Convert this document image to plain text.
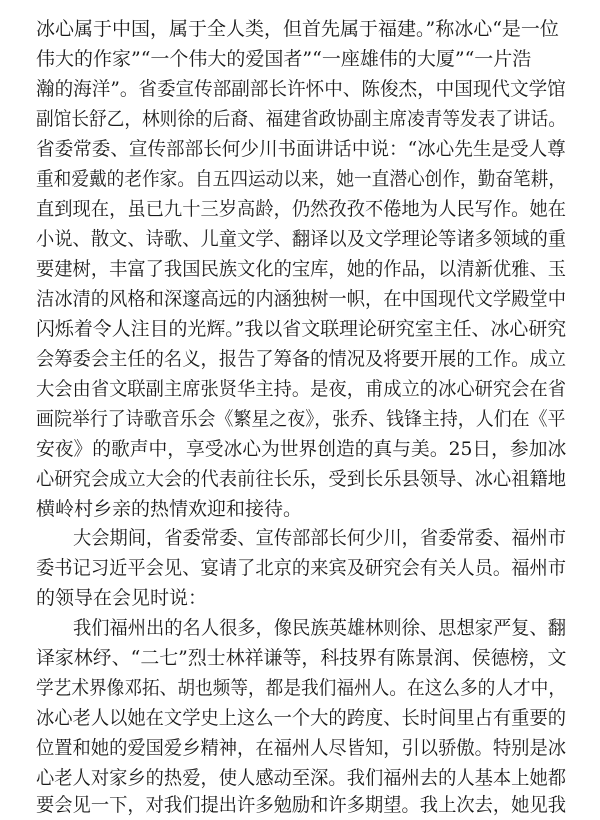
冰心属于中国，属于全人类，但首先属于福建。”称冰心“是一位
伟大的作家”“一个伟大的爱国者”“一座雄伟的大厦”“一片浩
瀚的海洋”。省委宣传部副部长许怀中、陈俊杰，中国现代文学馆
副馆长舒乙，林则徐的后裔、福建省政协副主席凌青等发表了讲话。
省委常委、宣传部部长何少川书面讲话中说：“冰心先生是受人尊
重和爱戴的老作家。自五四运动以来，她一直潜心创作，勤奋笔耕，
直到现在，虽已九十三岁高龄，仍然孜孜不倦地为人民写作。她在
小说、散文、诗歌、儿童文学、翻译以及文学理论等诸多领域的重
要建树，丰富了我国民族文化的宝库，她的作品，以清新优雅、玉
洁冰清的风格和深邃高远的内涵独树一帜，在中国现代文学殿堂中
闪烁着令人注目的光辉。”我以省文联理论研究室主任、冰心研究
会筹委会主任的名义，报告了筹备的情况及将要开展的工作。成立
大会由省文联副主席张贤华主持。是夜，甫成立的冰心研究会在省
画院举行了诗歌音乐会《繁星之夜》，张乔、钱锋主持，人们在《平
安夜》的歌声中，享受冰心为世界创造的真与美。25日，参加冰
心研究会成立大会的代表前往长乐，受到长乐县领导、冰心祖籍地
横岭村乡亲的热情欢迎和接待。
大会期间，省委常委、宣传部部长何少川，省委常委、福州市
委书记习近平会见、宴请了北京的来宾及研究会有关人员。福州市
的领导在会见时说：
我们福州出的名人很多，像民族英雄林则徐、思想家严复、翻
译家林纾、“二七”烈士林祥谦等，科技界有陈景润、侯德榜，文
学艺术界像邓拓、胡也频等，都是我们福州人。在这么多的人才中，
冰心老人以她在文学史上这么一个大的跨度、长时间里占有重要的
位置和她的爱国爱乡精神，在福州人尽皆知，引以骄傲。特别是冰
心老人对家乡的热爱，使人感动至深。我们福州去的人基本上她都
要会见一下，对我们提出许多勉励和许多期望。我上次去，她见我
